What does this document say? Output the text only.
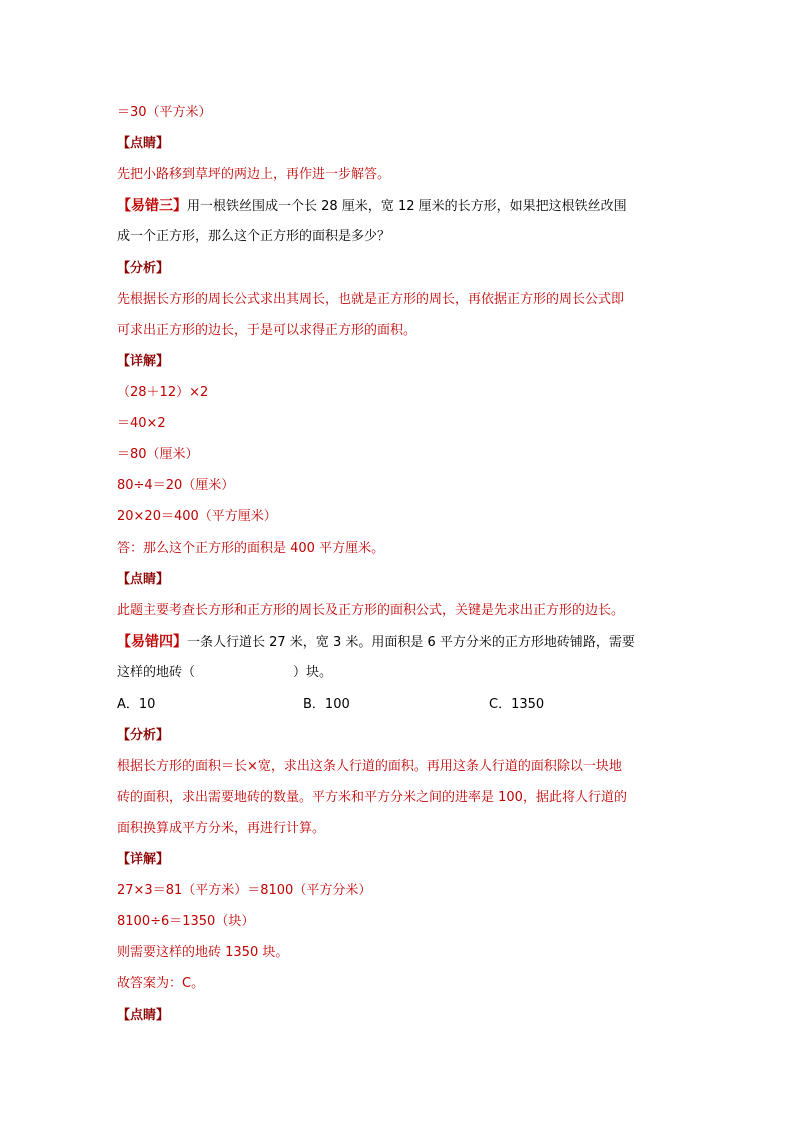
＝30（平方米）
【点睛】
先把小路移到草坪的两边上，再作进一步解答。
【易错三】用一根铁丝围成一个长 28 厘米，宽 12 厘米的长方形，如果把这根铁丝改围
成一个正方形，那么这个正方形的面积是多少？
【分析】
先根据长方形的周长公式求出其周长，也就是正方形的周长，再依据正方形的周长公式即
可求出正方形的边长，于是可以求得正方形的面积。
【详解】
（28＋12）×2
＝40×2
＝80（厘米）
80÷4＝20（厘米）
20×20＝400（平方厘米）
答：那么这个正方形的面积是 400 平方厘米。
【点睛】
此题主要考查长方形和正方形的周长及正方形的面积公式，关键是先求出正方形的边长。
【易错四】一条人行道长 27 米，宽 3 米。用面积是 6 平方分米的正方形地砖铺路，需要
这样的地砖（	）块。
A．10	B．100	C．1350
【分析】
根据长方形的面积＝长×宽，求出这条人行道的面积。再用这条人行道的面积除以一块地
砖的面积，求出需要地砖的数量。平方米和平方分米之间的进率是 100，据此将人行道的
面积换算成平方分米，再进行计算。
【详解】
27×3＝81（平方米）＝8100（平方分米）
8100÷6＝1350（块）
则需要这样的地砖 1350 块。
故答案为：C。
【点睛】
